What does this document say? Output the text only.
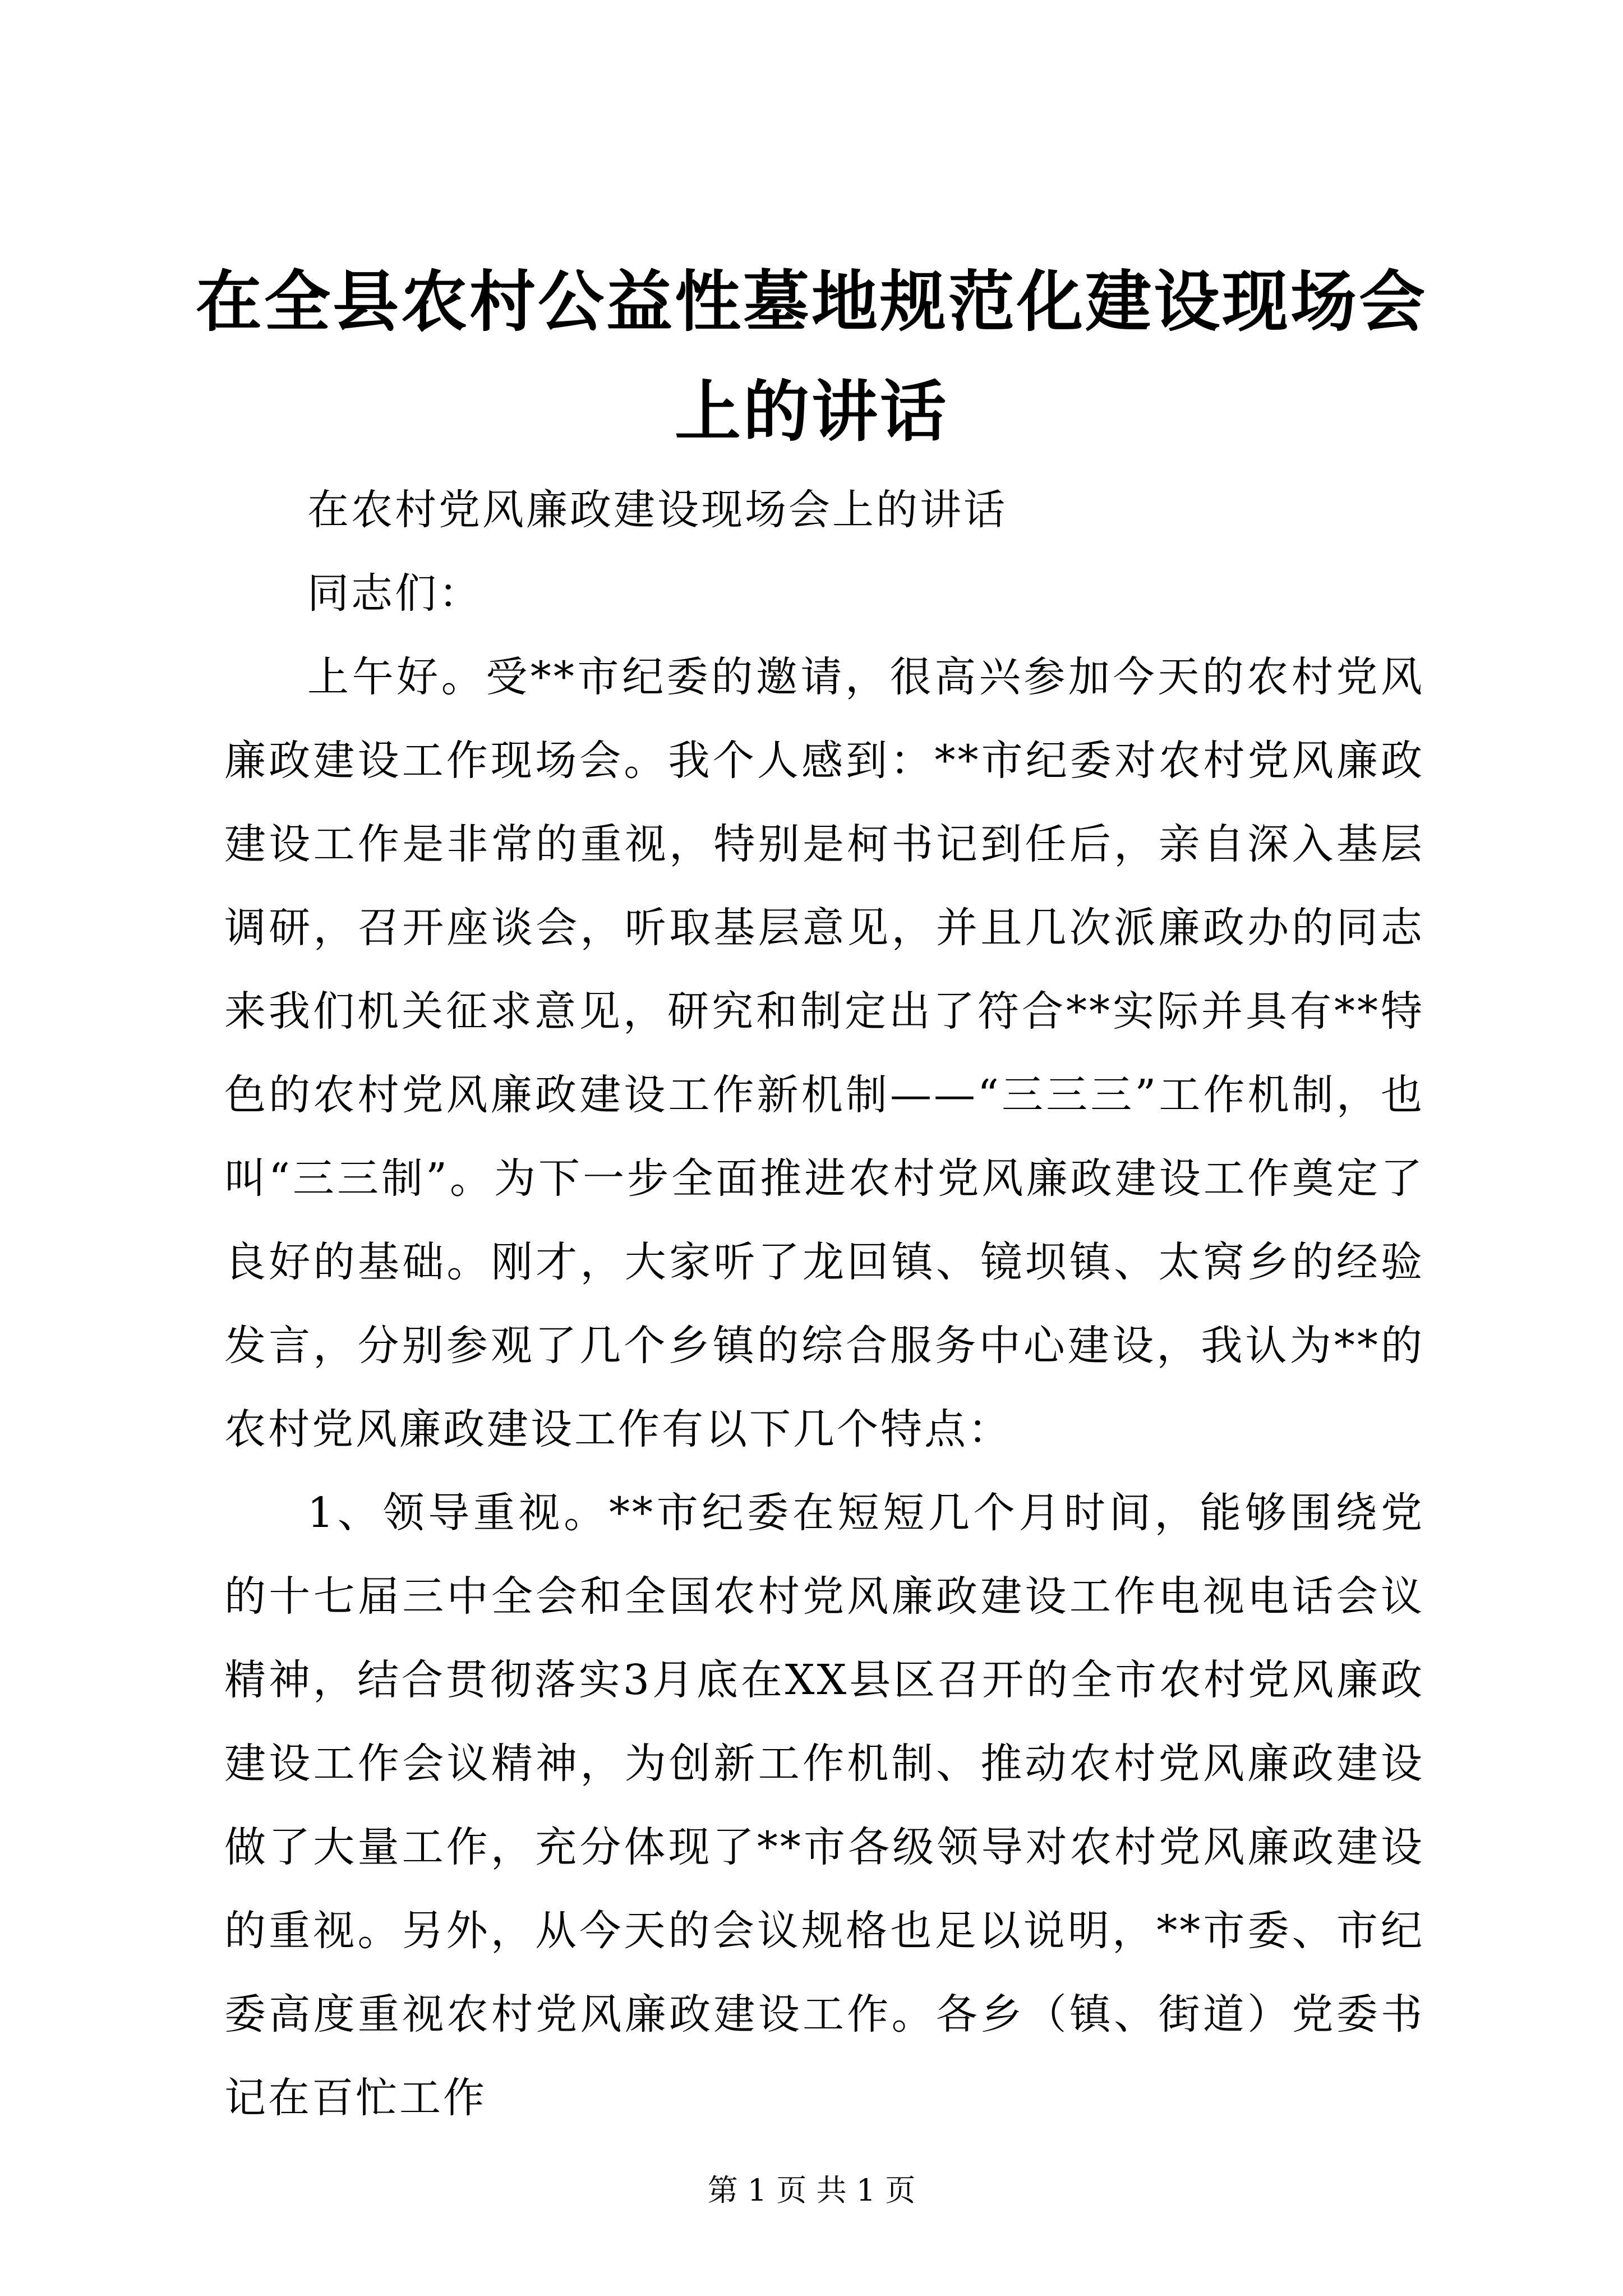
在全县农村公益性墓地规范化建设现场会上的讲话

在农村党风廉政建设现场会上的讲话

同志们：

上午好。受**市纪委的邀请，很高兴参加今天的农村党风廉政建设工作现场会。我个人感到：**市纪委对农村党风廉政建设工作是非常的重视，特别是柯书记到任后，亲自深入基层调研，召开座谈会，听取基层意见，并且几次派廉政办的同志来我们机关征求意见，研究和制定出了符合**实际并具有**特色的农村党风廉政建设工作新机制——“三三三”工作机制，也叫“三三制”。为下一步全面推进农村党风廉政建设工作奠定了良好的基础。刚才，大家听了龙回镇、镜坝镇、太窝乡的经验发言，分别参观了几个乡镇的综合服务中心建设，我认为**的农村党风廉政建设工作有以下几个特点：

1、领导重视。**市纪委在短短几个月时间，能够围绕党的十七届三中全会和全国农村党风廉政建设工作电视电话会议精神，结合贯彻落实3月底在XX县区召开的全市农村党风廉政建设工作会议精神，为创新工作机制、推动农村党风廉政建设做了大量工作，充分体现了**市各级领导对农村党风廉政建设的重视。另外，从今天的会议规格也足以说明，**市委、市纪委高度重视农村党风廉政建设工作。各乡（镇、街道）党委书记在百忙工作

第 1 页 共 1 页
